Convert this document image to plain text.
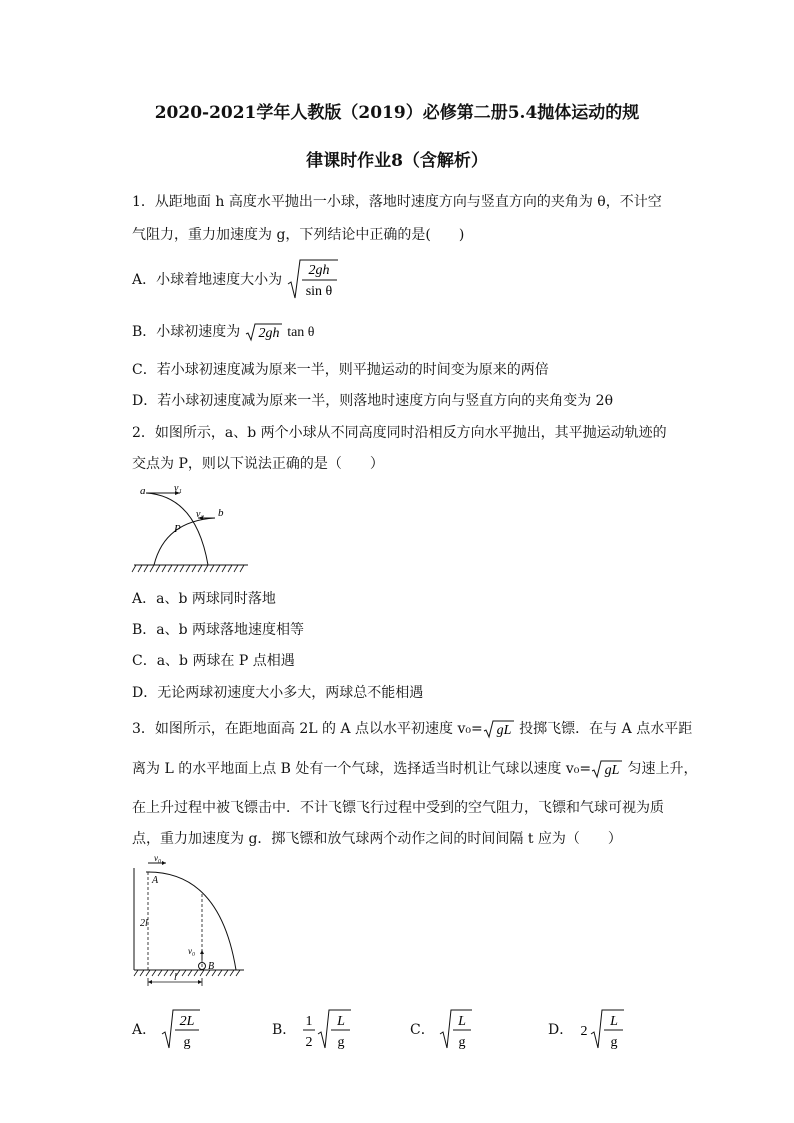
2020-2021学年人教版（2019）必修第二册5.4抛体运动的规
律课时作业8（含解析）
1．从距地面 h 高度水平抛出一小球，落地时速度方向与竖直方向的夹角为 θ，不计空
气阻力，重力加速度为 g，下列结论中正确的是(　　)
A．小球着地速度大小为
2gh
sin θ
B．小球初速度为 2gh tan θ
C．若小球初速度减为原来一半，则平抛运动的时间变为原来的两倍
D．若小球初速度减为原来一半，则落地时速度方向与竖直方向的夹角变为 2θ
2．如图所示，a、b 两个小球从不同高度同时沿相反方向水平抛出，其平抛运动轨迹的
交点为 P，则以下说法正确的是（　　）
a	v₁
v₂ b
P
A．a、b 两球同时落地
B．a、b 两球落地速度相等
C．a、b 两球在 P 点相遇
D．无论两球初速度大小多大，两球总不能相遇
3．如图所示，在距地面高 2L 的 A 点以水平初速度 v₀= gL 投掷飞镖．在与 A 点水平距
离为 L 的水平地面上点 B 处有一个气球，选择适当时机让气球以速度 v₀= gL 匀速上升，
在上升过程中被飞镖击中．不计飞镖飞行过程中受到的空气阻力，飞镖和气球可视为质
点，重力加速度为 g．掷飞镖和放气球两个动作之间的时间间隔 t 应为（　　）
v₀
A
2l
v₀
B
l
A．
2L
g
B．
1
2
L
g
C．
L
g
D． 2
L
g
